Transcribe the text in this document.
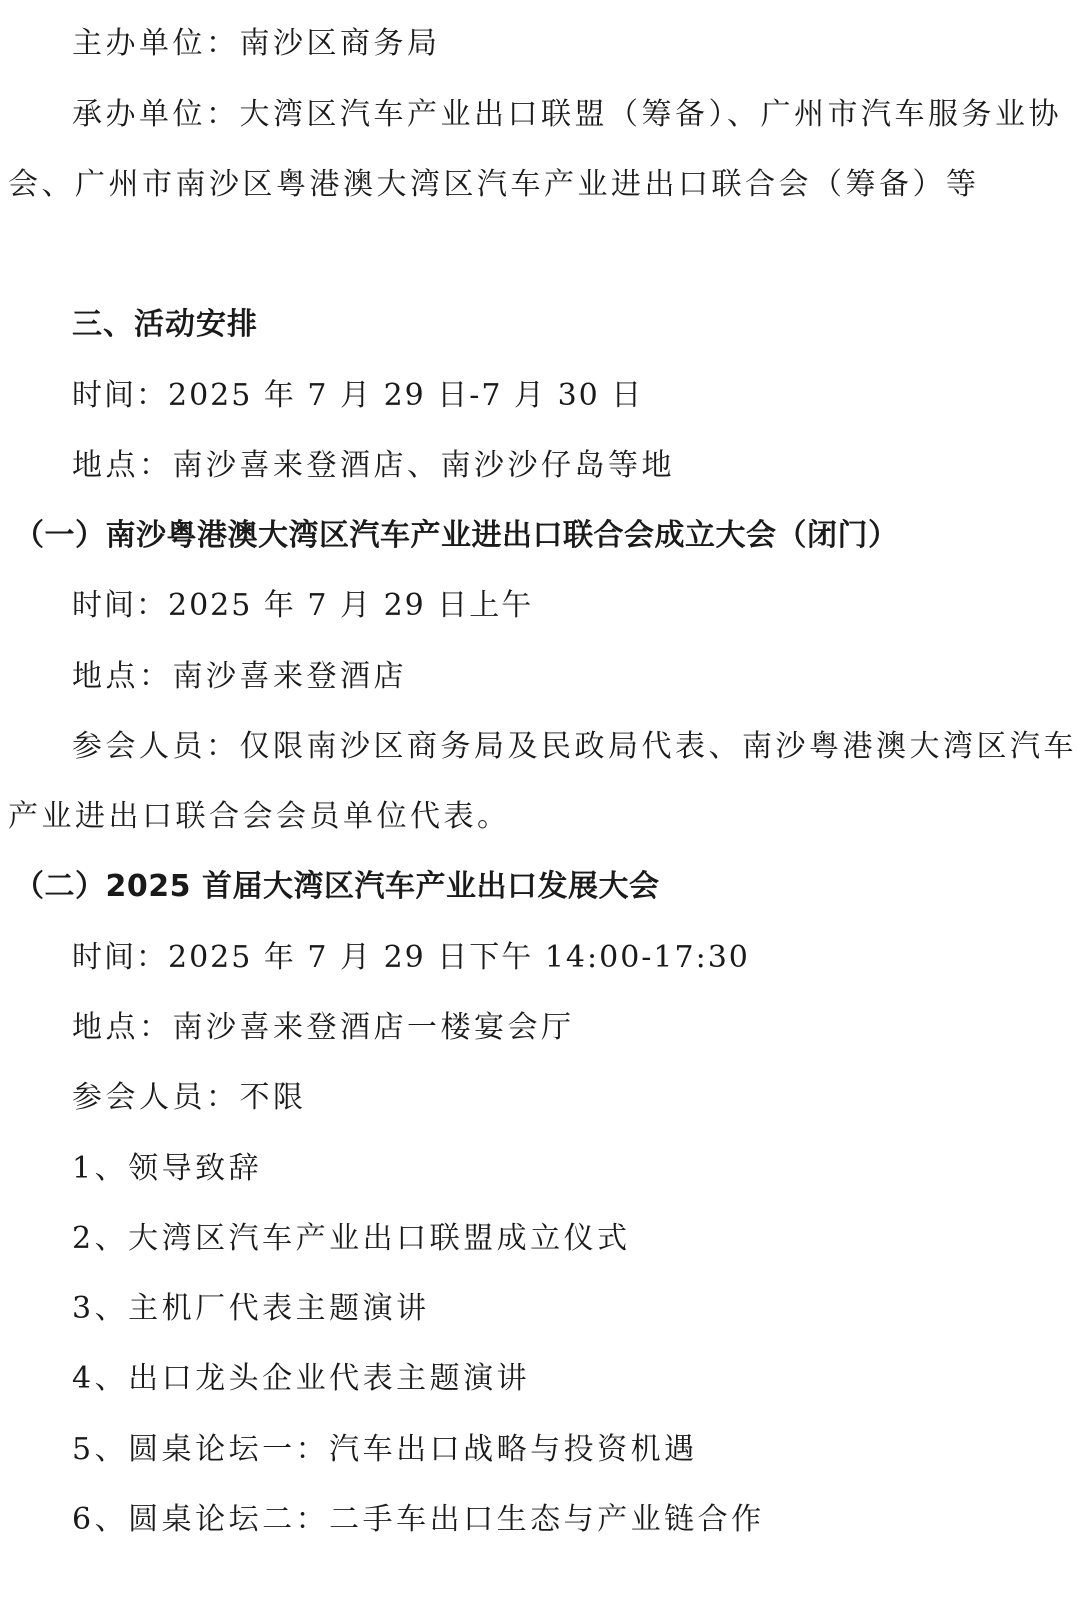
主办单位：南沙区商务局
承办单位：大湾区汽车产业出口联盟（筹备）、广州市汽车服务业协
会、广州市南沙区粤港澳大湾区汽车产业进出口联合会（筹备）等
三、活动安排
时间：2025 年 7 月 29 日-7 月 30 日
地点：南沙喜来登酒店、南沙沙仔岛等地
（一）南沙粤港澳大湾区汽车产业进出口联合会成立大会（闭门）
时间：2025 年 7 月 29 日上午
地点：南沙喜来登酒店
参会人员：仅限南沙区商务局及民政局代表、南沙粤港澳大湾区汽车
产业进出口联合会会员单位代表。
（二）2025 首届大湾区汽车产业出口发展大会
时间：2025 年 7 月 29 日下午 14:00-17:30
地点：南沙喜来登酒店一楼宴会厅
参会人员：不限
1、领导致辞
2、大湾区汽车产业出口联盟成立仪式
3、主机厂代表主题演讲
4、出口龙头企业代表主题演讲
5、圆桌论坛一：汽车出口战略与投资机遇
6、圆桌论坛二：二手车出口生态与产业链合作
